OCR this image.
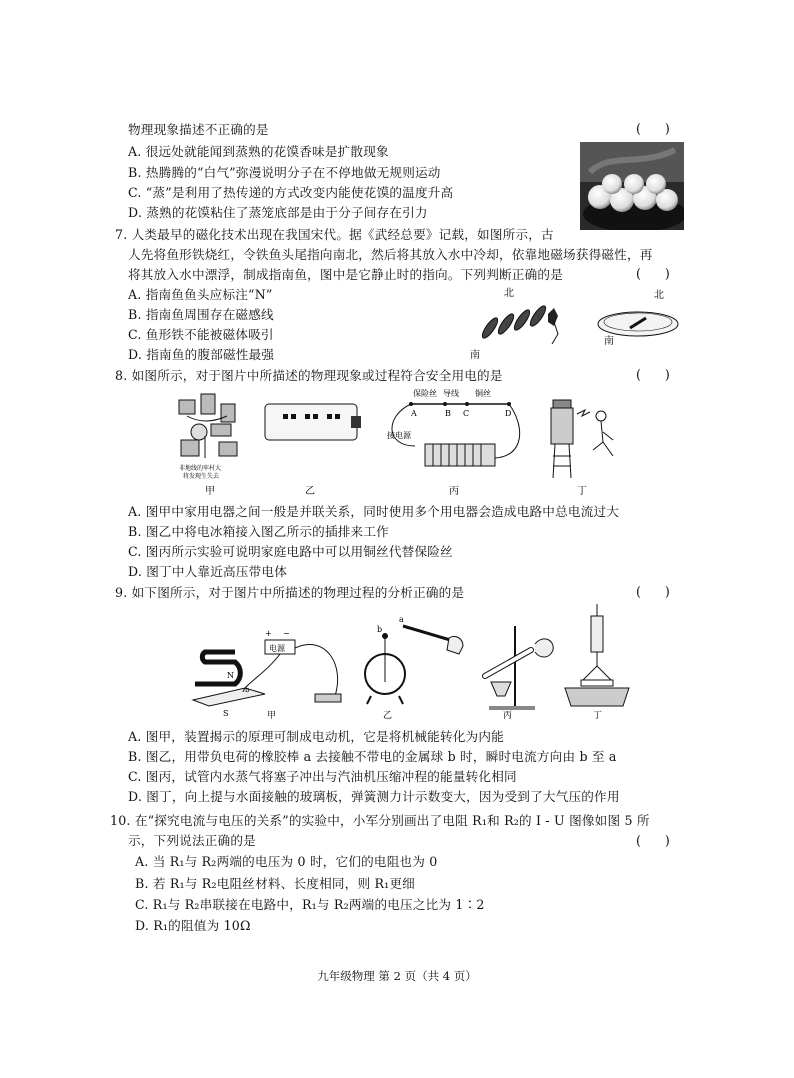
物理现象描述不正确的是	(      )
A. 很远处就能闻到蒸熟的花馍香味是扩散现象
B. 热腾腾的“白气”弥漫说明分子在不停地做无规则运动
C. “蒸”是利用了热传递的方式改变内能使花馍的温度升高
D. 蒸熟的花馍粘住了蒸笼底部是由于分子间存在引力
7. 人类最早的磁化技术出现在我国宋代。据《武经总要》记载，如图所示，古
人先将鱼形铁烧红，令铁鱼头尾指向南北，然后将其放入水中冷却，依靠地磁场获得磁性，再
将其放入水中漂浮，制成指南鱼，图中是它静止时的指向。下列判断正确的是	(      )
A. 指南鱼鱼头应标注“N”
B. 指南鱼周围存在磁感线
C. 鱼形铁不能被磁体吸引
D. 指南鱼的腹部磁性最强
北
南
北
南
8. 如图所示，对于图片中所描述的物理现象或过程符合安全用电的是	(      )
非地线的牢村大
将发现生失去
甲	乙
保险丝 导线 铜丝
A	B C	D
接电源
丙	丁
A. 图甲中家用电器之间一般是并联关系，同时使用多个用电器会造成电路中总电流过大
B. 图乙中将电冰箱接入图乙所示的插排来工作
C. 图丙所示实验可说明家庭电路中可以用铜丝代替保险丝
D. 图丁中人靠近高压带电体
9. 如下图所示，对于图片中所描述的物理过程的分析正确的是	(      )
电源
+ −
N
S
b
甲
b
乙
a
丙	丁
A. 图甲，装置揭示的原理可制成电动机，它是将机械能转化为内能
B. 图乙，用带负电荷的橡胶棒 a 去接触不带电的金属球 b 时，瞬时电流方向由 b 至 a
C. 图丙，试管内水蒸气将塞子冲出与汽油机压缩冲程的能量转化相同
D. 图丁，向上提与水面接触的玻璃板，弹簧测力计示数变大，因为受到了大气压的作用
10. 在“探究电流与电压的关系”的实验中，小军分别画出了电阻 R₁和 R₂的 I - U 图像如图 5 所
示，下列说法正确的是	(      )
A. 当 R₁与 R₂两端的电压为 0 时，它们的电阻也为 0
B. 若 R₁与 R₂电阻丝材料、长度相同，则 R₁更细
C. R₁与 R₂串联接在电路中，R₁与 R₂两端的电压之比为 1∶2
D. R₁的阻值为 10Ω
九年级物理 第 2 页（共 4 页）
